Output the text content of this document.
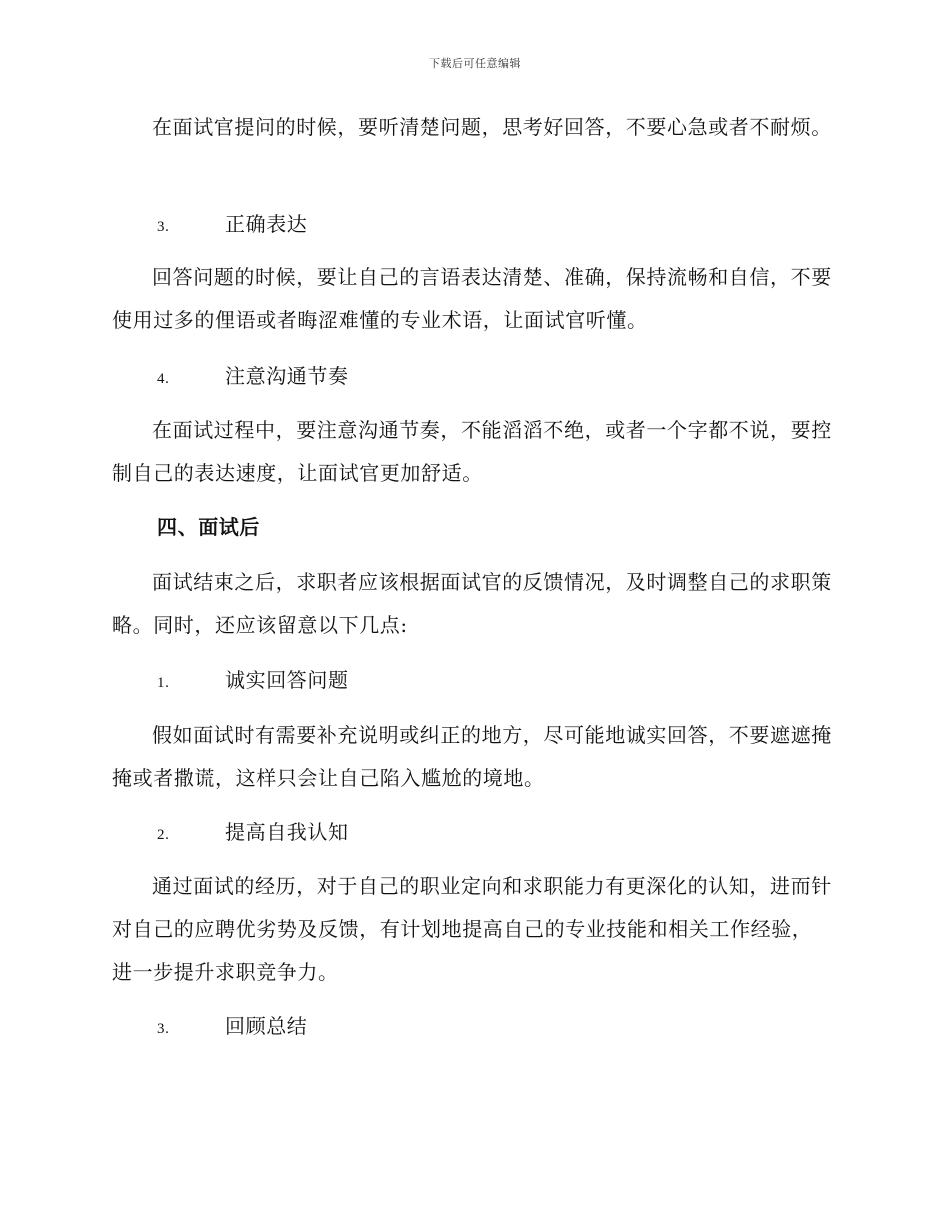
下载后可任意编辑
在面试官提问的时候，要听清楚问题，思考好回答，不要心急或者不耐烦。
3.	正确表达
回答问题的时候，要让自己的言语表达清楚、准确，保持流畅和自信，不要使用过多的俚语或者晦涩难懂的专业术语，让面试官听懂。
4.	注意沟通节奏
在面试过程中，要注意沟通节奏，不能滔滔不绝，或者一个字都不说，要控制自己的表达速度，让面试官更加舒适。
四、面试后
面试结束之后，求职者应该根据面试官的反馈情况，及时调整自己的求职策略。同时，还应该留意以下几点:
1.	诚实回答问题
假如面试时有需要补充说明或纠正的地方，尽可能地诚实回答，不要遮遮掩掩或者撒谎，这样只会让自己陷入尴尬的境地。
2.	提高自我认知
通过面试的经历，对于自己的职业定向和求职能力有更深化的认知，进而针对自己的应聘优劣势及反馈，有计划地提高自己的专业技能和相关工作经验，进一步提升求职竞争力。
3.	回顾总结
